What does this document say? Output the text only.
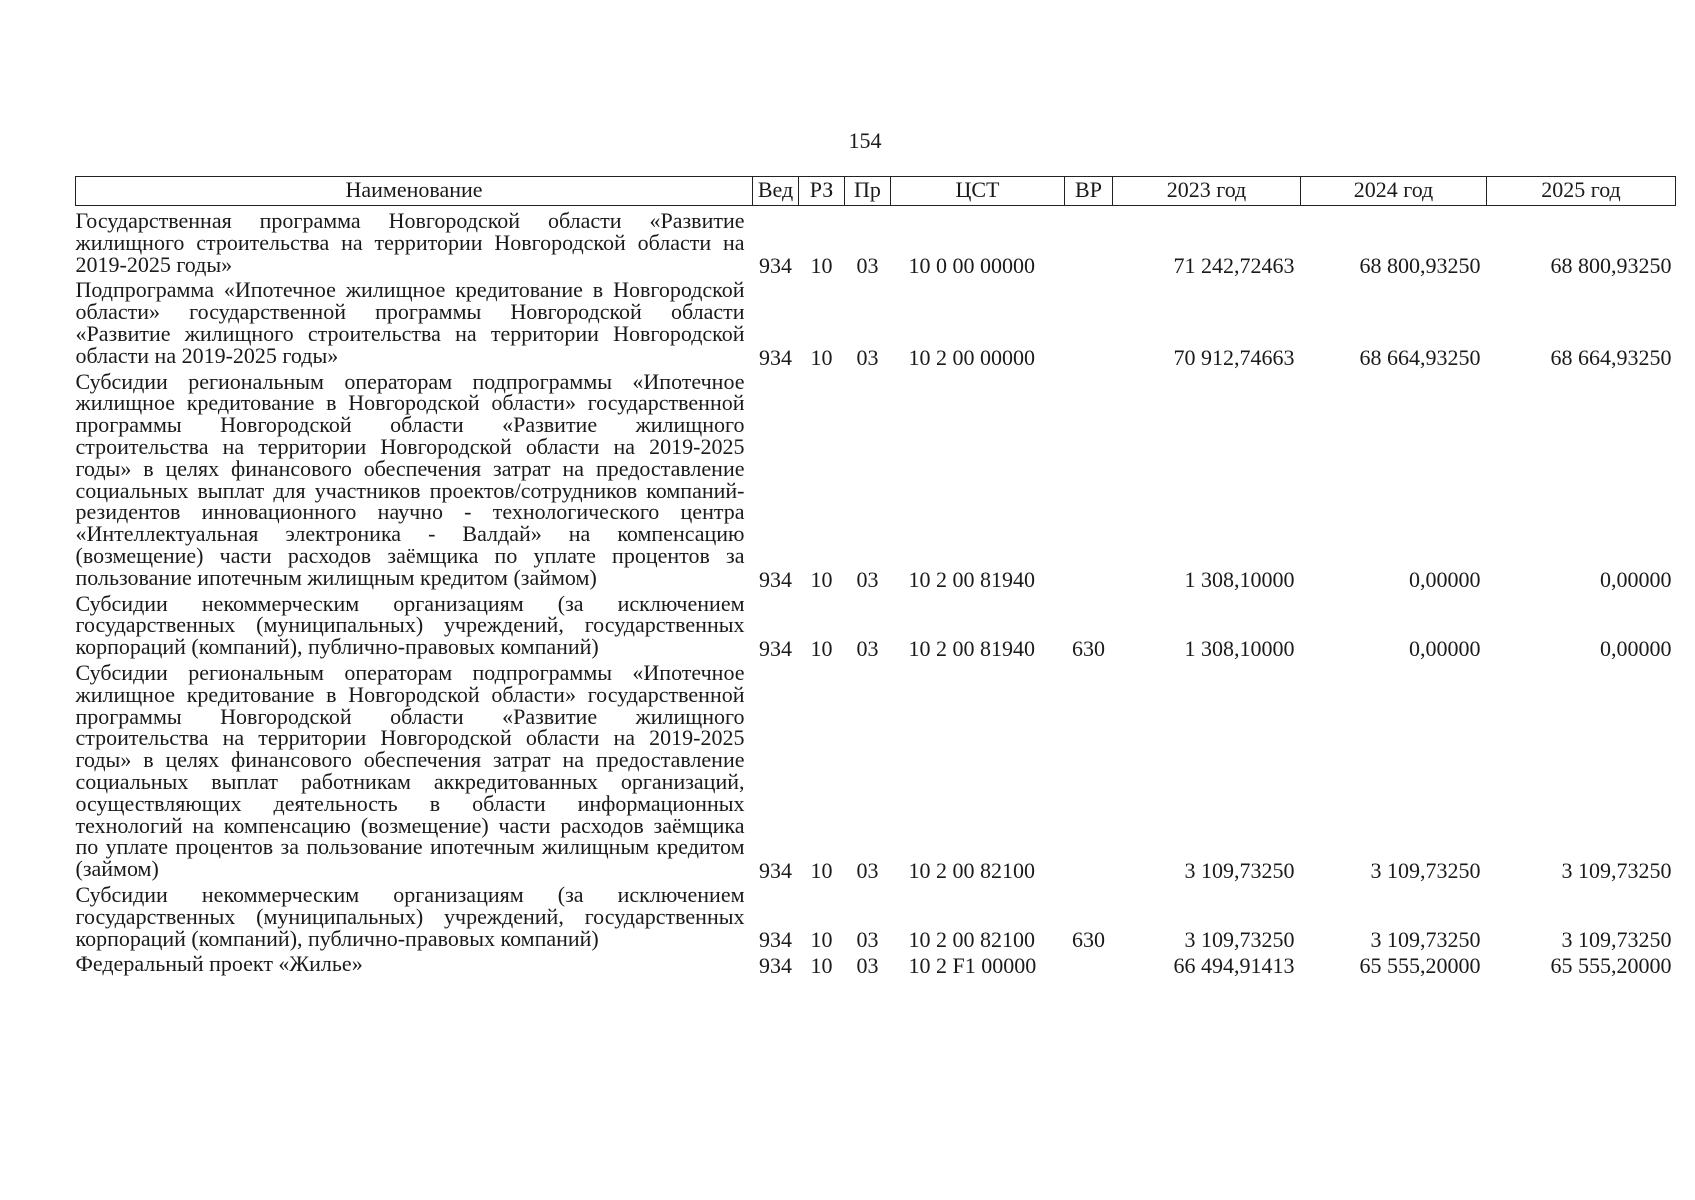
154
Наименование	Вед	РЗ	Пр	ЦСТ	ВР	2023 год	2024 год	2025 год
Государственная программа Новгородской области «Развитие жилищного строительства на территории Новгородской области на 2019-2025 годы»	934	10	03	10 0 00 00000		71 242,72463	68 800,93250	68 800,93250
Подпрограмма «Ипотечное жилищное кредитование в Новгородской области» государственной программы Новгородской области «Развитие жилищного строительства на территории Новгородской области на 2019-2025 годы»	934	10	03	10 2 00 00000		70 912,74663	68 664,93250	68 664,93250
Субсидии региональным операторам подпрограммы «Ипотечное жилищное кредитование в Новгородской области» государственной программы Новгородской области «Развитие жилищного строительства на территории Новгородской области на 2019-2025 годы» в целях финансового обеспечения затрат на предоставление социальных выплат для участников проектов/сотрудников компаний-резидентов инновационного научно - технологического центра «Интеллектуальная электроника - Валдай» на компенсацию (возмещение) части расходов заёмщика по уплате процентов за пользование ипотечным жилищным кредитом (займом)	934	10	03	10 2 00 81940		1 308,10000	0,00000	0,00000
Субсидии некоммерческим организациям (за исключением государственных (муниципальных) учреждений, государственных корпораций (компаний), публично-правовых компаний)	934	10	03	10 2 00 81940	630	1 308,10000	0,00000	0,00000
Субсидии региональным операторам подпрограммы «Ипотечное жилищное кредитование в Новгородской области» государственной программы Новгородской области «Развитие жилищного строительства на территории Новгородской области на 2019-2025 годы» в целях финансового обеспечения затрат на предоставление социальных выплат работникам аккредитованных организаций, осуществляющих деятельность в области информационных технологий на компенсацию (возмещение) части расходов заёмщика по уплате процентов за пользование ипотечным жилищным кредитом (займом)	934	10	03	10 2 00 82100		3 109,73250	3 109,73250	3 109,73250
Субсидии некоммерческим организациям (за исключением государственных (муниципальных) учреждений, государственных корпораций (компаний), публично-правовых компаний)	934	10	03	10 2 00 82100	630	3 109,73250	3 109,73250	3 109,73250
Федеральный проект «Жилье»	934	10	03	10 2 F1 00000		66 494,91413	65 555,20000	65 555,20000
